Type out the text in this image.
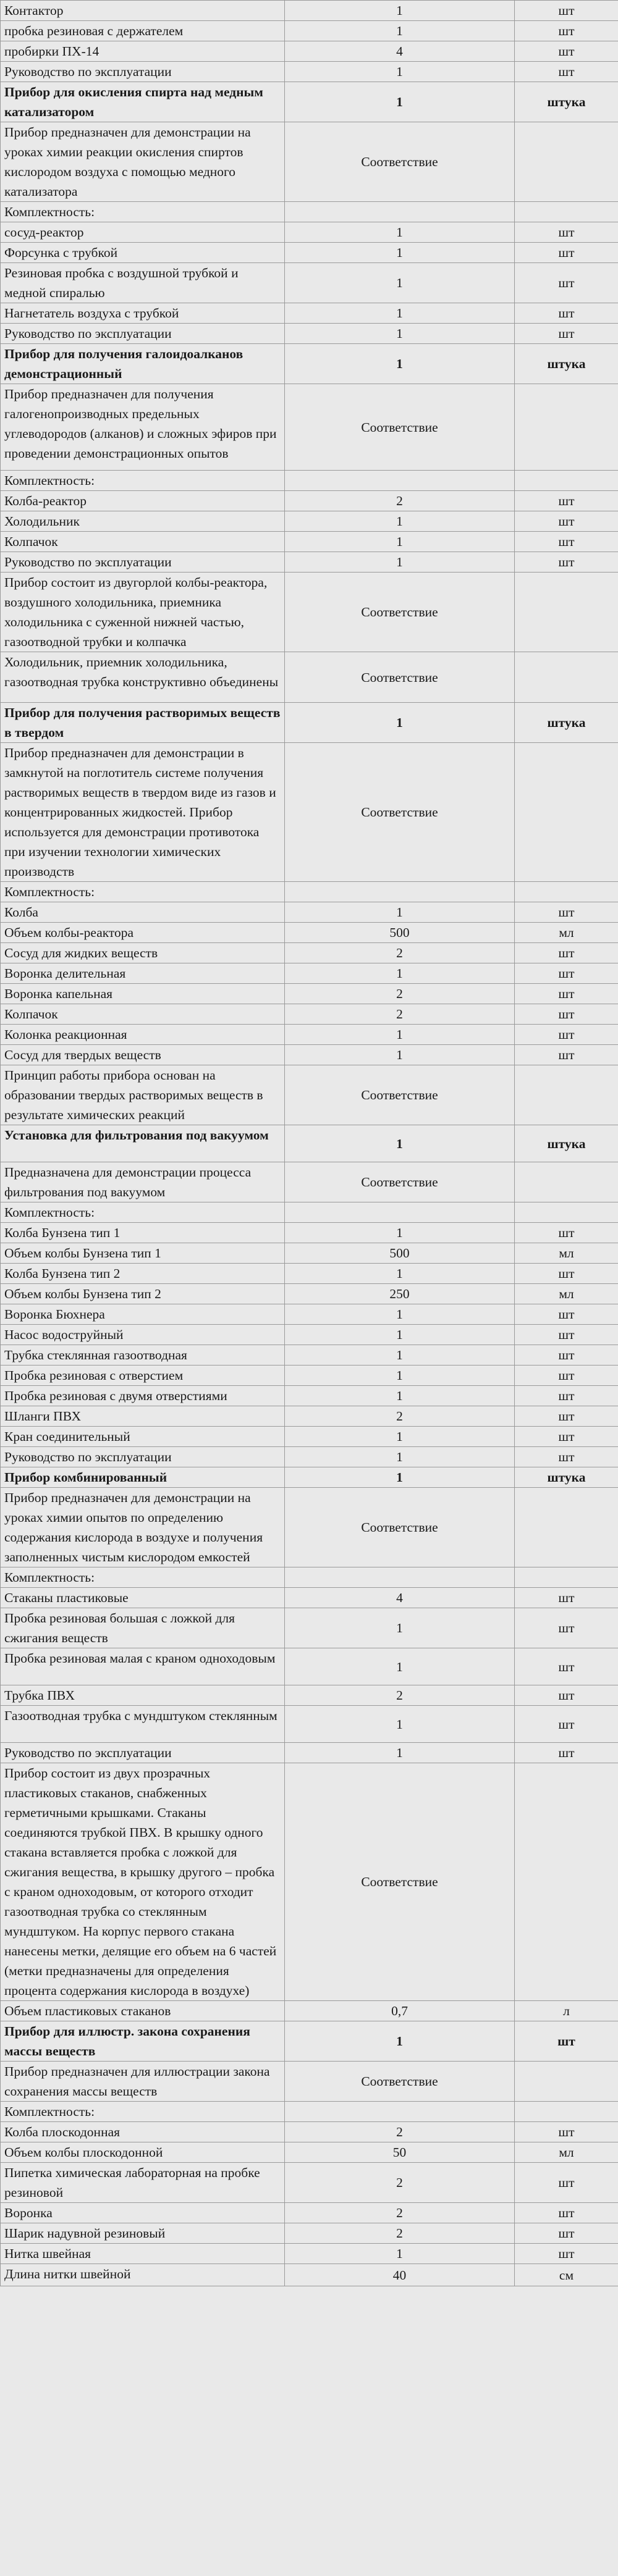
Контактор	1	шт
пробка резиновая с держателем	1	шт
пробирки ПХ-14	4	шт
Руководство по эксплуатации	1	шт
Прибор для окисления спирта над медным катализатором	1	штука
Прибор предназначен для демонстрации на уроках химии реакции окисления спиртов кислородом воздуха с помощью медного катализатора	Соответствие	
Комплектность:		
сосуд-реактор	1	шт
Форсунка с трубкой	1	шт
Резиновая пробка с воздушной трубкой и медной спиралью	1	шт
Нагнетатель воздуха с трубкой	1	шт
Руководство по эксплуатации	1	шт
Прибор для получения галоидоалканов демонстрационный	1	штука
Прибор предназначен для получения галогенопроизводных предельных углеводородов (алканов) и сложных эфиров при проведении демонстрационных опытов	Соответствие	
Комплектность:		
Колба-реактор	2	шт
Холодильник	1	шт
Колпачок	1	шт
Руководство по эксплуатации	1	шт
Прибор состоит из двугорлой колбы-реактора, воздушного холодильника, приемника холодильника с суженной нижней частью, газоотводной трубки и колпачка	Соответствие	
Холодильник, приемник холодильника, газоотводная трубка конструктивно объединены	Соответствие	
Прибор для получения растворимых веществ в твердом	1	штука
Прибор предназначен для демонстрации в замкнутой на поглотитель системе получения растворимых веществ в твердом виде из газов и концентрированных жидкостей. Прибор используется для демонстрации противотока при изучении технологии химических производств	Соответствие	
Комплектность:		
Колба	1	шт
Объем колбы-реактора	500	мл
Сосуд для жидких веществ	2	шт
Воронка делительная	1	шт
Воронка капельная	2	шт
Колпачок	2	шт
Колонка реакционная	1	шт
Сосуд для твердых веществ	1	шт
Принцип работы прибора основан на образовании твердых растворимых веществ в результате химических реакций	Соответствие	
Установка для фильтрования под вакуумом	1	штука
Предназначена для демонстрации процесса фильтрования под вакуумом	Соответствие	
Комплектность:		
Колба Бунзена тип 1	1	шт
Объем колбы Бунзена тип 1	500	мл
Колба Бунзена тип 2	1	шт
Объем колбы Бунзена тип 2	250	мл
Воронка Бюхнера	1	шт
Насос водоструйный	1	шт
Трубка стеклянная газоотводная	1	шт
Пробка резиновая с отверстием	1	шт
Пробка резиновая с двумя отверстиями	1	шт
Шланги ПВХ	2	шт
Кран соединительный	1	шт
Руководство по эксплуатации	1	шт
Прибор комбинированный	1	штука
Прибор предназначен для демонстрации на уроках химии опытов по определению содержания кислорода в воздухе и получения заполненных чистым кислородом емкостей	Соответствие	
Комплектность:		
Стаканы пластиковые	4	шт
Пробка резиновая большая с ложкой для сжигания веществ	1	шт
Пробка резиновая малая с краном одноходовым	1	шт
Трубка ПВХ	2	шт
Газоотводная трубка с мундштуком стеклянным	1	шт
Руководство по эксплуатации	1	шт
Прибор состоит из двух прозрачных пластиковых стаканов, снабженных герметичными крышками. Стаканы соединяются трубкой ПВХ. В крышку одного стакана вставляется пробка с ложкой для сжигания вещества, в крышку другого – пробка с краном одноходовым, от которого отходит газоотводная трубка со стеклянным мундштуком. На корпус первого стакана нанесены метки, делящие его объем на 6 частей (метки предназначены для определения процента содержания кислорода в воздухе)	Соответствие	
Объем пластиковых стаканов	0,7	л
Прибор для иллюстр. закона сохранения массы веществ	1	шт
Прибор предназначен для иллюстрации закона сохранения массы веществ	Соответствие	
Комплектность:		
Колба плоскодонная	2	шт
Объем колбы плоскодонной	50	мл
Пипетка химическая лабораторная на пробке резиновой	2	шт
Воронка	2	шт
Шарик надувной резиновый	2	шт
Нитка швейная	1	шт
Длина нитки швейной	40	см
